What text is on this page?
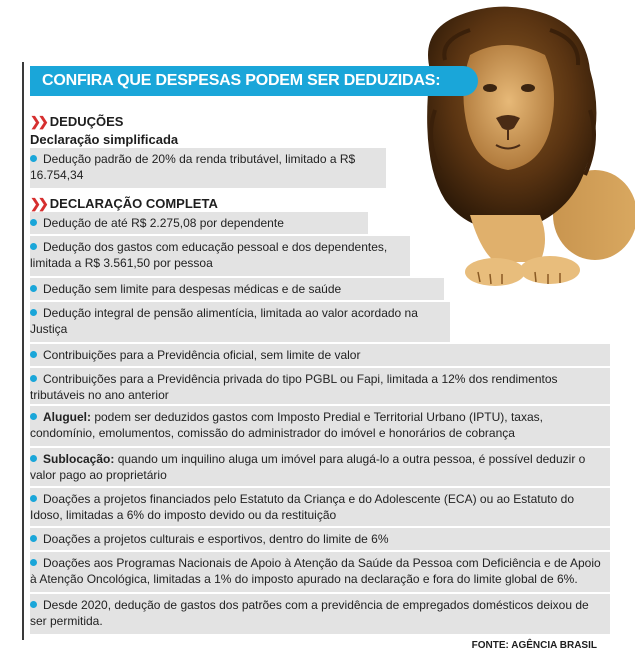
CONFIRA QUE DESPESAS PODEM SER DEDUZIDAS:
❯❯ DEDUÇÕES
Declaração simplificada
Dedução padrão de 20% da renda tributável, limitado a R$ 16.754,34
❯❯ DECLARAÇÃO COMPLETA
Dedução de até R$ 2.275,08 por dependente
Dedução dos gastos com educação pessoal e dos dependentes, limitada a R$ 3.561,50 por pessoa
Dedução sem limite para despesas médicas e de saúde
Dedução integral de pensão alimentícia, limitada ao valor acordado na Justiça
Contribuições para a Previdência oficial, sem limite de valor
Contribuições para a Previdência privada do tipo PGBL ou Fapi, limitada a 12% dos rendimentos tributáveis no ano anterior
Aluguel: podem ser deduzidos gastos com Imposto Predial e Territorial Urbano (IPTU), taxas, condomínio, emolumentos, comissão do administrador do imóvel e honorários de cobrança
Sublocação: quando um inquilino aluga um imóvel para alugá-lo a outra pessoa, é possível deduzir o valor pago ao proprietário
Doações a projetos financiados pelo Estatuto da Criança e do Adolescente (ECA) ou ao Estatuto do Idoso, limitadas a 6% do imposto devido ou da restituição
Doações a projetos culturais e esportivos, dentro do limite de 6%
Doações aos Programas Nacionais de Apoio à Atenção da Saúde da Pessoa com Deficiência e de Apoio à Atenção Oncológica, limitadas a 1% do imposto apurado na declaração e fora do limite global de 6%.
Desde 2020, dedução de gastos dos patrões com a previdência de empregados domésticos deixou de ser permitida.
FONTE: AGÊNCIA BRASIL
